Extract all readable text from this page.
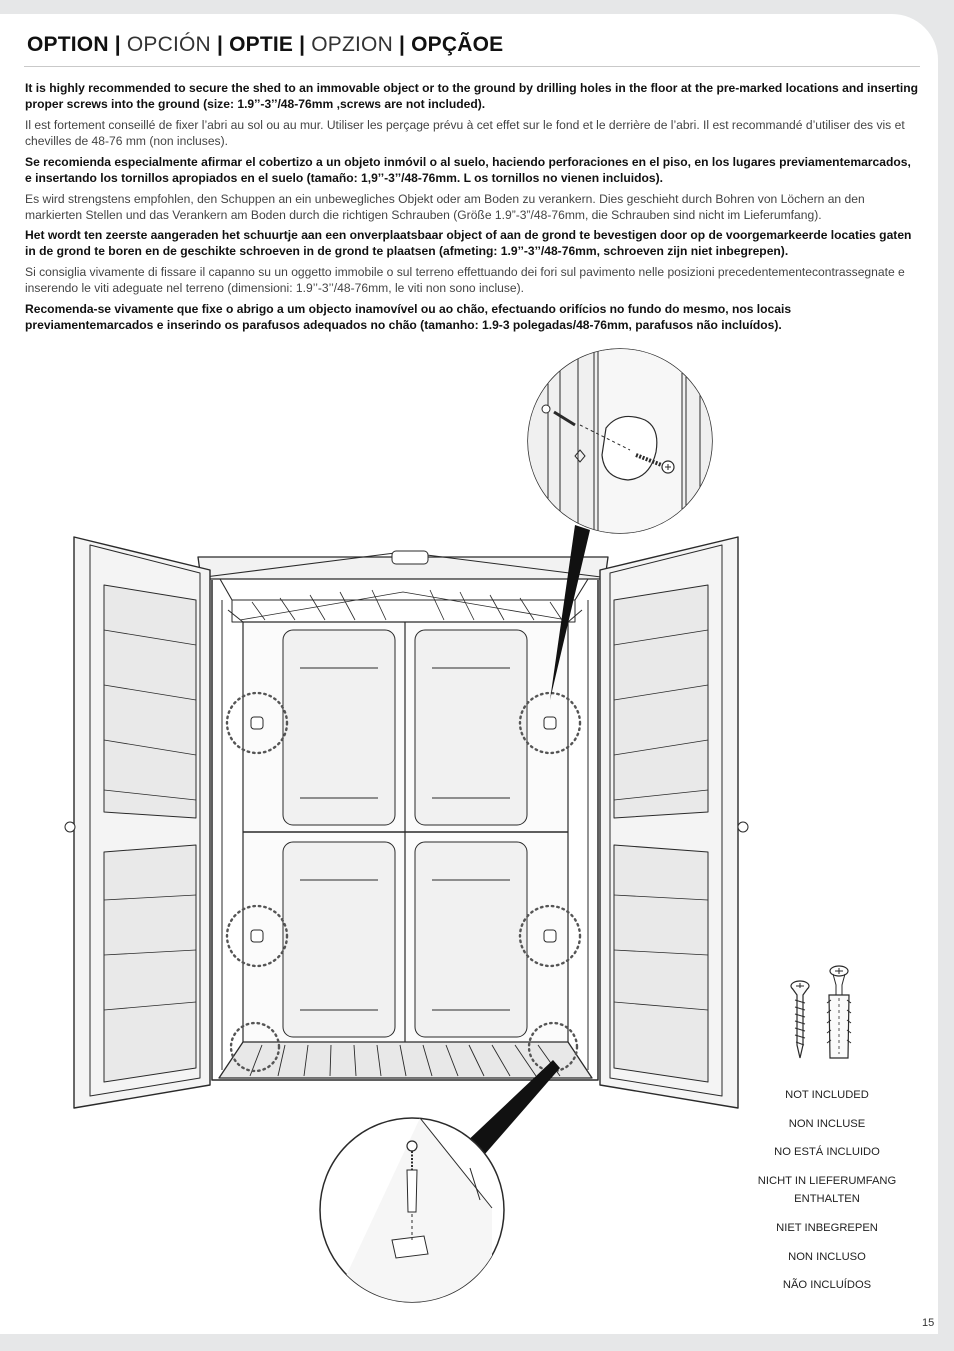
OPTION | OPCIÓN | OPTIE | OPZION | OPÇÃOE

It is highly recommended to secure the shed to an immovable object or to the ground by drilling holes in the floor at the pre-marked locations and inserting proper screws into the ground (size: 1.9’’-3’’/48-76mm ,screws are not included).

Il est fortement conseillé de fixer l’abri au sol ou au mur. Utiliser les perçage prévu à cet effet sur le fond et le derrière de l’abri. Il est recommandé d’utiliser des vis et chevilles de 48-76 mm (non incluses).

Se recomienda especialmente afirmar el cobertizo a un objeto inmóvil o al suelo, haciendo perforaciones en el piso, en los lugares previamentemarcados, e insertando los tornillos apropiados en el suelo (tamaño: 1,9’’-3’’/48-76mm. L os tornillos no vienen incluidos).

Es wird strengstens empfohlen, den Schuppen an ein unbewegliches Objekt oder am Boden zu verankern. Dies geschieht durch Bohren von Löchern an den markierten Stellen und das Verankern am Boden durch die richtigen Schrauben (Größe 1.9”-3”/48-76mm, die Schrauben sind nicht im Lieferumfang).

Het wordt ten zeerste aangeraden het schuurtje aan een onverplaatsbaar object of aan de grond te bevestigen door op de voorgemarkeerde locaties gaten in de grond te boren en de geschikte schroeven in de grond te plaatsen (afmeting: 1.9’’-3’’/48-76mm, schroeven zijn niet inbegrepen).

Si consiglia vivamente di fissare il capanno su un oggetto immobile o sul terreno effettuando dei fori sul pavimento nelle posizioni precedentementecontrassegnate e inserendo le viti adeguate nel terreno (dimensioni: 1.9’’-3’’/48-76mm, le viti non sono incluse).

Recomenda-se vivamente que fixe o abrigo a um objecto inamovível ou ao chão, efectuando orifícios no fundo do mesmo, nos locais previamentemarcados e inserindo os parafusos adequados no chão (tamanho: 1.9-3 polegadas/48-76mm, parafusos não incluídos).

NOT INCLUDED
NON INCLUSE
NO ESTÁ INCLUIDO
NICHT IN LIEFERUMFANG
ENTHALTEN
NIET INBEGREPEN
NON INCLUSO
NÃO INCLUÍDOS
15
